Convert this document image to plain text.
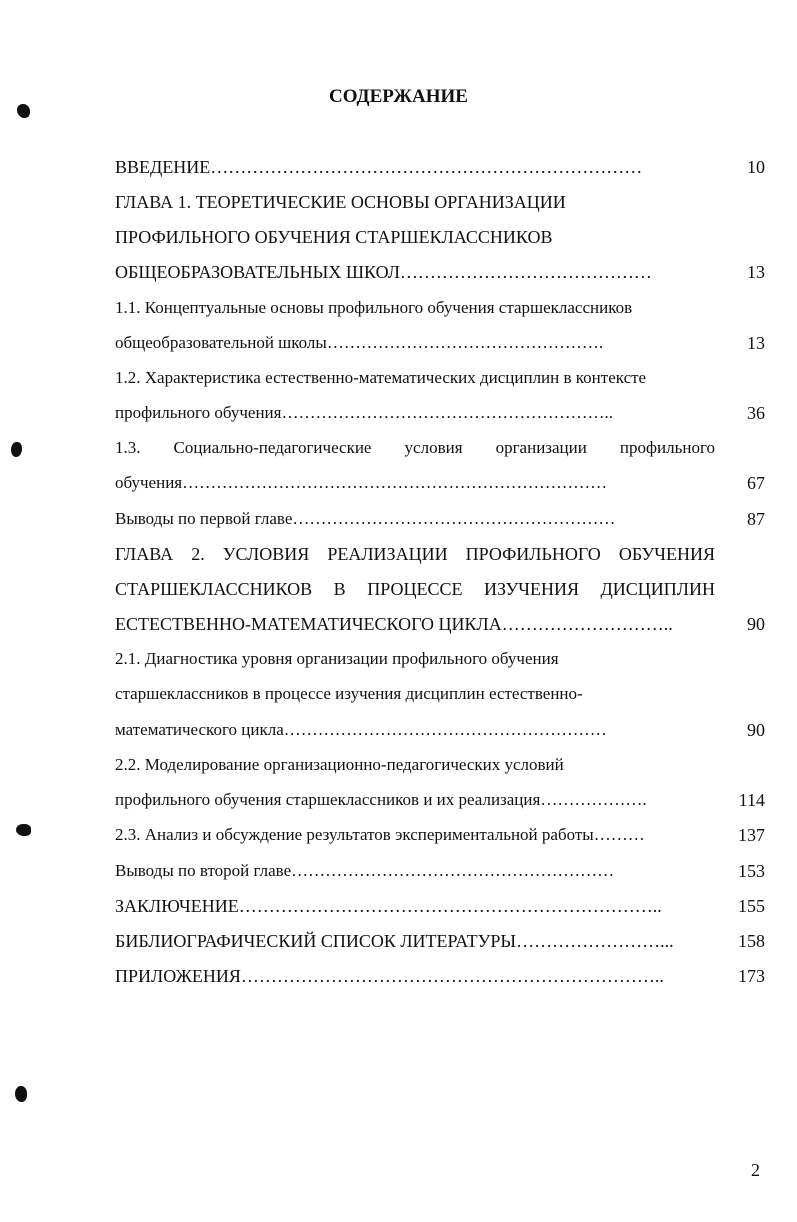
СОДЕРЖАНИЕ
ВВЕДЕНИЕ………………………………………………………………	10
ГЛАВА 1. ТЕОРЕТИЧЕСКИЕ ОСНОВЫ ОРГАНИЗАЦИИ
ПРОФИЛЬНОГО ОБУЧЕНИЯ СТАРШЕКЛАССНИКОВ
ОБЩЕОБРАЗОВАТЕЛЬНЫХ ШКОЛ……………………………………	13
1.1. Концептуальные основы профильного обучения старшеклассников
общеобразовательной школы………………………………………….	13
1.2. Характеристика естественно-математических дисциплин в контексте
профильного обучения…………………………………………………..	36
1.3. Социально-педагогические условия организации профильного
обучения…………………………………………………………………	67
Выводы по первой главе…………………………………………………	87
ГЛАВА 2. УСЛОВИЯ РЕАЛИЗАЦИИ ПРОФИЛЬНОГО ОБУЧЕНИЯ
СТАРШЕКЛАССНИКОВ В ПРОЦЕССЕ ИЗУЧЕНИЯ ДИСЦИПЛИН
ЕСТЕСТВЕННО-МАТЕМАТИЧЕСКОГО ЦИКЛА………………………..	90
2.1. Диагностика уровня организации профильного обучения
старшеклассников в процессе изучения дисциплин естественно-
математического цикла…………………………………………………	90
2.2. Моделирование организационно-педагогических условий
профильного обучения старшеклассников и их реализация……………….	114
2.3. Анализ и обсуждение результатов экспериментальной работы………	137
Выводы по второй главе…………………………………………………	153
ЗАКЛЮЧЕНИЕ……………………………………………………………..	155
БИБЛИОГРАФИЧЕСКИЙ СПИСОК ЛИТЕРАТУРЫ……………………...	158
ПРИЛОЖЕНИЯ……………………………………………………………..	173
2
